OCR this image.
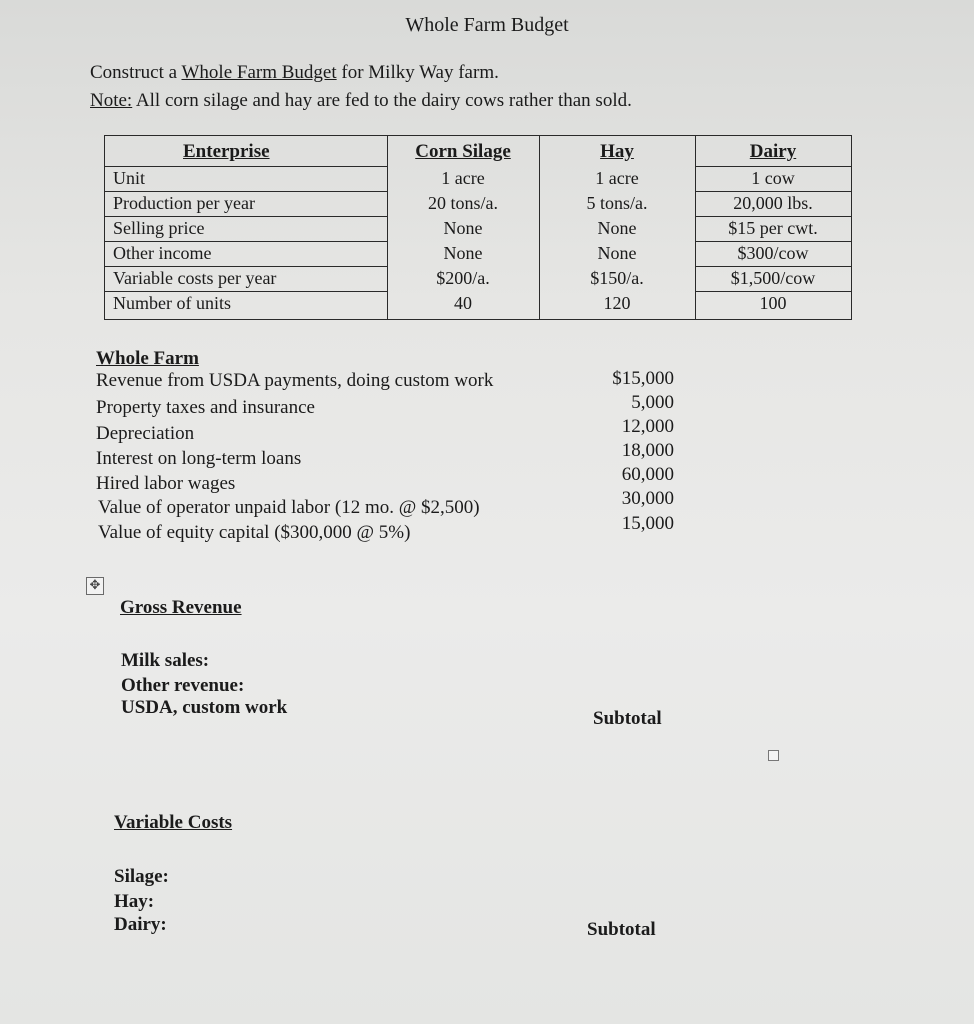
Whole Farm Budget
Construct a Whole Farm Budget for Milky Way farm.
Note: All corn silage and hay are fed to the dairy cows rather than sold.
Enterprise	Corn Silage	Hay	Dairy
Unit	1 acre	1 acre	1 cow
Production per year	20 tons/a.	5 tons/a.	20,000 lbs.
Selling price	None	None	$15 per cwt.
Other income	None	None	$300/cow
Variable costs per year	$200/a.	$150/a.	$1,500/cow
Number of units	40	120	100
Whole Farm
Revenue from USDA payments, doing custom work	$15,000
Property taxes and insurance	5,000
Depreciation	12,000
Interest on long-term loans	18,000
Hired labor wages	60,000
Value of operator unpaid labor (12 mo. @ $2,500)	30,000
Value of equity capital ($300,000 @ 5%)	15,000
✥
Gross Revenue
Milk sales:
Other revenue:
USDA, custom work
Subtotal
Variable Costs
Silage:
Hay:
Dairy:	Subtotal
